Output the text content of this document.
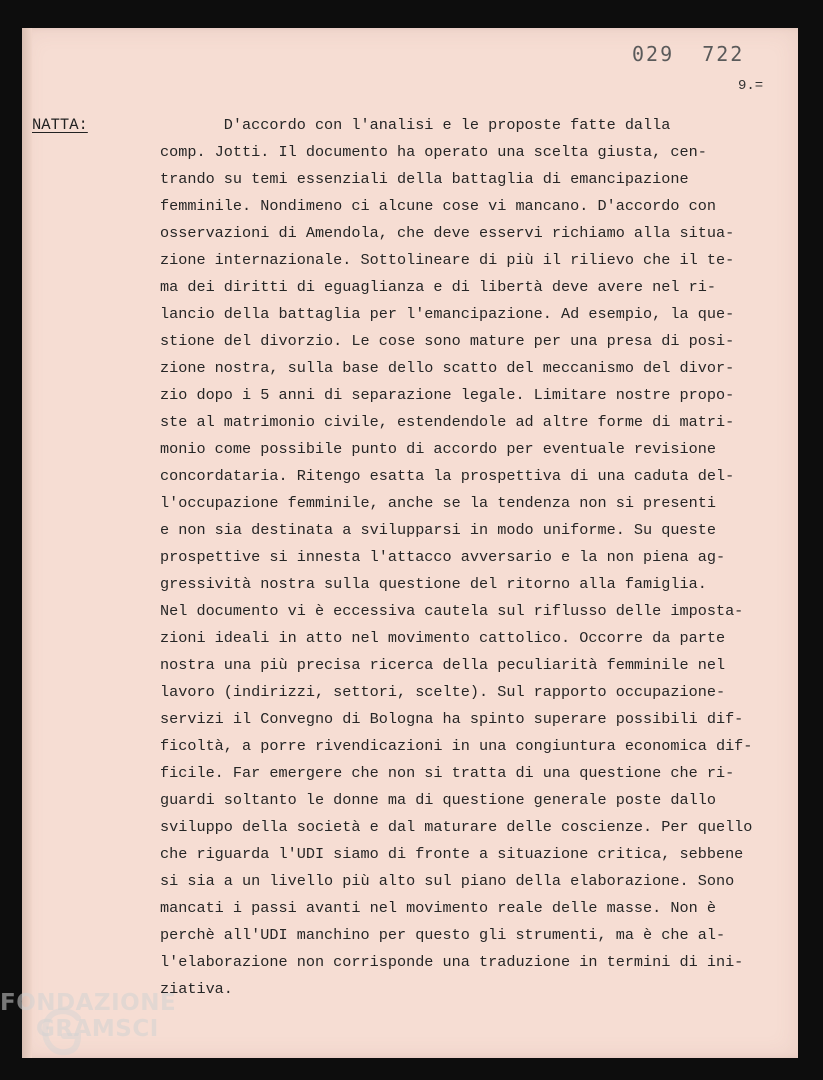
029  722
9.=
NATTA:	D'accordo con l'analisi e le proposte fatte dalla
comp. Jotti. Il documento ha operato una scelta giusta, cen-
trando su temi essenziali della battaglia di emancipazione
femminile. Nondimeno ci alcune cose vi mancano. D'accordo con
osservazioni di Amendola, che deve esservi richiamo alla situa-
zione internazionale. Sottolineare di più il rilievo che il te-
ma dei diritti di eguaglianza e di libertà deve avere nel ri-
lancio della battaglia per l'emancipazione. Ad esempio, la que-
stione del divorzio. Le cose sono mature per una presa di posi-
zione nostra, sulla base dello scatto del meccanismo del divor-
zio dopo i 5 anni di separazione legale. Limitare nostre propo-
ste al matrimonio civile, estendendole ad altre forme di matri-
monio come possibile punto di accordo per eventuale revisione
concordataria. Ritengo esatta la prospettiva di una caduta del-
l'occupazione femminile, anche se la tendenza non si presenti
e non sia destinata a svilupparsi in modo uniforme. Su queste
prospettive si innesta l'attacco avversario e la non piena ag-
gressività nostra sulla questione del ritorno alla famiglia.
Nel documento vi è eccessiva cautela sul riflusso delle imposta-
zioni ideali in atto nel movimento cattolico. Occorre da parte
nostra una più precisa ricerca della peculiarità femminile nel
lavoro (indirizzi, settori, scelte). Sul rapporto occupazione-
servizi il Convegno di Bologna ha spinto superare possibili dif-
ficoltà, a porre rivendicazioni in una congiuntura economica dif-
ficile. Far emergere che non si tratta di una questione che ri-
guardi soltanto le donne ma di questione generale poste dallo
sviluppo della società e dal maturare delle coscienze. Per quello
che riguarda l'UDI siamo di fronte a situazione critica, sebbene
si sia a un livello più alto sul piano della elaborazione. Sono
mancati i passi avanti nel movimento reale delle masse. Non è
perchè all'UDI manchino per questo gli strumenti, ma è che al-
l'elaborazione non corrisponde una traduzione in termini di ini-
ziativa.
FONDAZIONE
GRAMSCI
